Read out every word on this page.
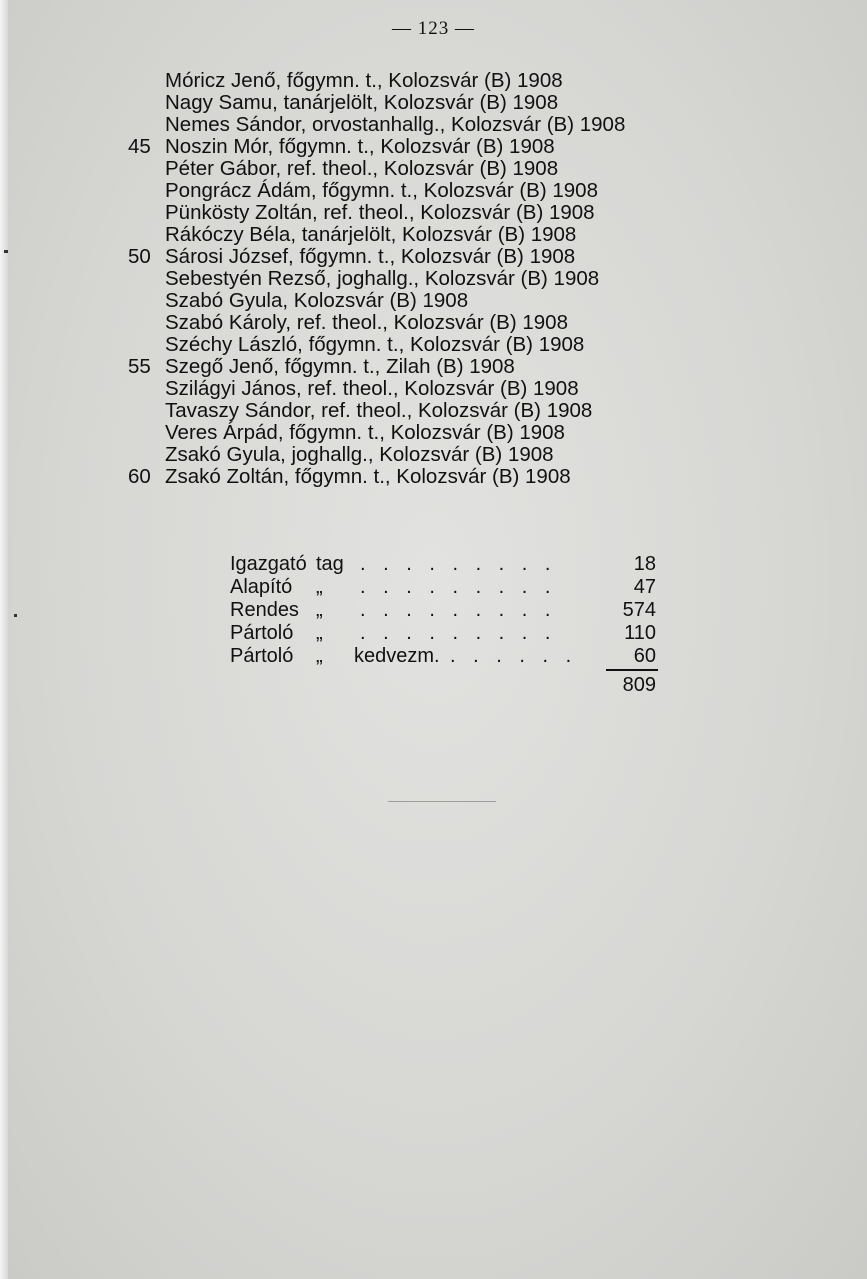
— 123 —
Móricz Jenő, főgymn. t., Kolozsvár (B) 1908
Nagy Samu, tanárjelölt, Kolozsvár (B) 1908
Nemes Sándor, orvostanhallg., Kolozsvár (B) 1908
45 Noszin Mór, főgymn. t., Kolozsvár (B) 1908
Péter Gábor, ref. theol., Kolozsvár (B) 1908
Pongrácz Ádám, főgymn. t., Kolozsvár (B) 1908
Pünkösty Zoltán, ref. theol., Kolozsvár (B) 1908
Rákóczy Béla, tanárjelölt, Kolozsvár (B) 1908
50 Sárosi József, főgymn. t., Kolozsvár (B) 1908
Sebestyén Rezső, joghallg., Kolozsvár (B) 1908
Szabó Gyula, Kolozsvár (B) 1908
Szabó Károly, ref. theol., Kolozsvár (B) 1908
Széchy László, főgymn. t., Kolozsvár (B) 1908
55 Szegő Jenő, főgymn. t., Zilah (B) 1908
Szilágyi János, ref. theol., Kolozsvár (B) 1908
Tavaszy Sándor, ref. theol., Kolozsvár (B) 1908
Veres Árpád, főgymn. t., Kolozsvár (B) 1908
Zsakó Gyula, joghallg., Kolozsvár (B) 1908
60 Zsakó Zoltán, főgymn. t., Kolozsvár (B) 1908
Igazgató tag . . . . . . . . .	18
Alapító „ . . . . . . . . .	47
Rendes „ . . . . . . . . .	574
Pártoló „ . . . . . . . . .	110
Pártoló „ kedvezm. . . . . . .	60
809
